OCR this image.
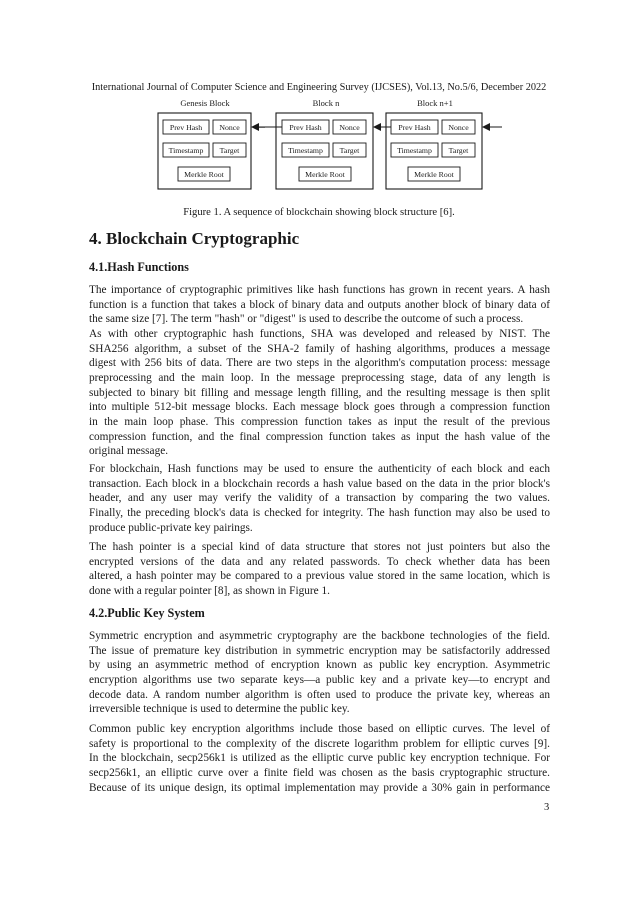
International Journal of Computer Science and Engineering Survey (IJCSES), Vol.13, No.5/6, December 2022
Genesis Block	Block n	Block n+1
Prev Hash Nonce
Timestamp Target
Merkle Root
...	Prev Hash Nonce
Timestamp Target
Merkle Root
Prev Hash Nonce
Timestamp Target
Merkle Root
Figure 1. A sequence of blockchain showing block structure [6].
4. Blockchain Cryptographic
4.1.Hash Functions
The importance of cryptographic primitives like hash functions has grown in recent years. A hash
function is a function that takes a block of binary data and outputs another block of binary data of
the same size [7]. The term "hash" or "digest" is used to describe the outcome of such a process.
As with other cryptographic hash functions, SHA was developed and released by NIST. The
SHA256 algorithm, a subset of the SHA-2 family of hashing algorithms, produces a message
digest with 256 bits of data. There are two steps in the algorithm's computation process: message
preprocessing and the main loop. In the message preprocessing stage, data of any length is
subjected to binary bit filling and message length filling, and the resulting message is then split
into multiple 512-bit message blocks. Each message block goes through a compression function
in the main loop phase. This compression function takes as input the result of the previous
compression function, and the final compression function takes as input the hash value of the
original message.
For blockchain, Hash functions may be used to ensure the authenticity of each block and each
transaction. Each block in a blockchain records a hash value based on the data in the prior block's
header, and any user may verify the validity of a transaction by comparing the two values.
Finally, the preceding block's data is checked for integrity. The hash function may also be used to
produce public-private key pairings.
The hash pointer is a special kind of data structure that stores not just pointers but also the
encrypted versions of the data and any related passwords. To check whether data has been
altered, a hash pointer may be compared to a previous value stored in the same location, which is
done with a regular pointer [8], as shown in Figure 1.
4.2.Public Key System
Symmetric encryption and asymmetric cryptography are the backbone technologies of the field.
The issue of premature key distribution in symmetric encryption may be satisfactorily addressed
by using an asymmetric method of encryption known as public key encryption. Asymmetric
encryption algorithms use two separate keys—a public key and a private key—to encrypt and
decode data. A random number algorithm is often used to produce the private key, whereas an
irreversible technique is used to determine the public key.
Common public key encryption algorithms include those based on elliptic curves. The level of
safety is proportional to the complexity of the discrete logarithm problem for elliptic curves [9].
In the blockchain, secp256k1 is utilized as the elliptic curve public key encryption technique. For
secp256k1, an elliptic curve over a finite field was chosen as the basis cryptographic structure.
Because of its unique design, its optimal implementation may provide a 30% gain in performance
3
